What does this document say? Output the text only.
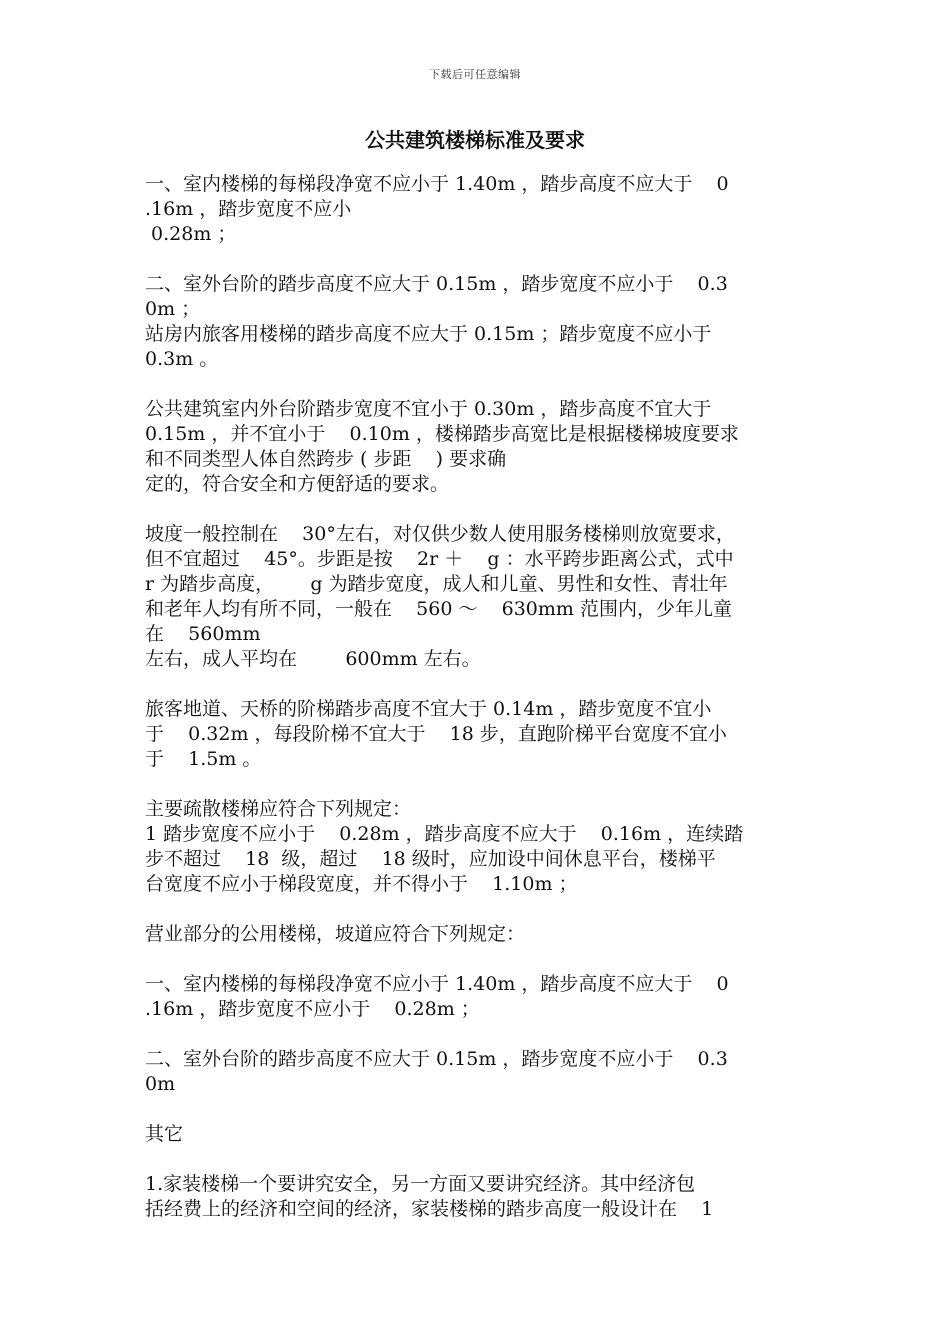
下载后可任意编辑
公共建筑楼梯标准及要求
一、室内楼梯的每梯段净宽不应小于 1.40m ，踏步高度不应大于    0
.16m ，踏步宽度不应小
0.28m ；
二、室外台阶的踏步高度不应大于 0.15m ，踏步宽度不应小于    0.3
0m ；
站房内旅客用楼梯的踏步高度不应大于 0.15m ；踏步宽度不应小于
0.3m 。
公共建筑室内外台阶踏步宽度不宜小于 0.30m ，踏步高度不宜大于
0.15m ，并不宜小于    0.10m ，楼梯踏步高宽比是根据楼梯坡度要求
和不同类型人体自然跨步 ( 步距    ) 要求确
定的，符合安全和方便舒适的要求。
坡度一般控制在    30°左右，对仅供少数人使用服务楼梯则放宽要求，
但不宜超过    45°。步距是按    2r ＋    g ：水平跨步距离公式，式中
r 为踏步高度，      g 为踏步宽度，成人和儿童、男性和女性、青壮年
和老年人均有所不同，一般在    560 ～    630mm 范围内，少年儿童
在    560mm
左右，成人平均在        600mm 左右。
旅客地道、天桥的阶梯踏步高度不宜大于 0.14m ，踏步宽度不宜小
于    0.32m ，每段阶梯不宜大于    18 步，直跑阶梯平台宽度不宜小
于    1.5m 。
主要疏散楼梯应符合下列规定：
1 踏步宽度不应小于    0.28m ，踏步高度不应大于    0.16m ，连续踏
步不超过    18  级，超过    18 级时，应加设中间休息平台，楼梯平
台宽度不应小于梯段宽度，并不得小于    1.10m ；
营业部分的公用楼梯，坡道应符合下列规定：
一、室内楼梯的每梯段净宽不应小于 1.40m ，踏步高度不应大于    0
.16m ，踏步宽度不应小于    0.28m ；
二、室外台阶的踏步高度不应大于 0.15m ，踏步宽度不应小于    0.3
0m
其它
1.家装楼梯一个要讲究安全，另一方面又要讲究经济。其中经济包
括经费上的经济和空间的经济，家装楼梯的踏步高度一般设计在    1
